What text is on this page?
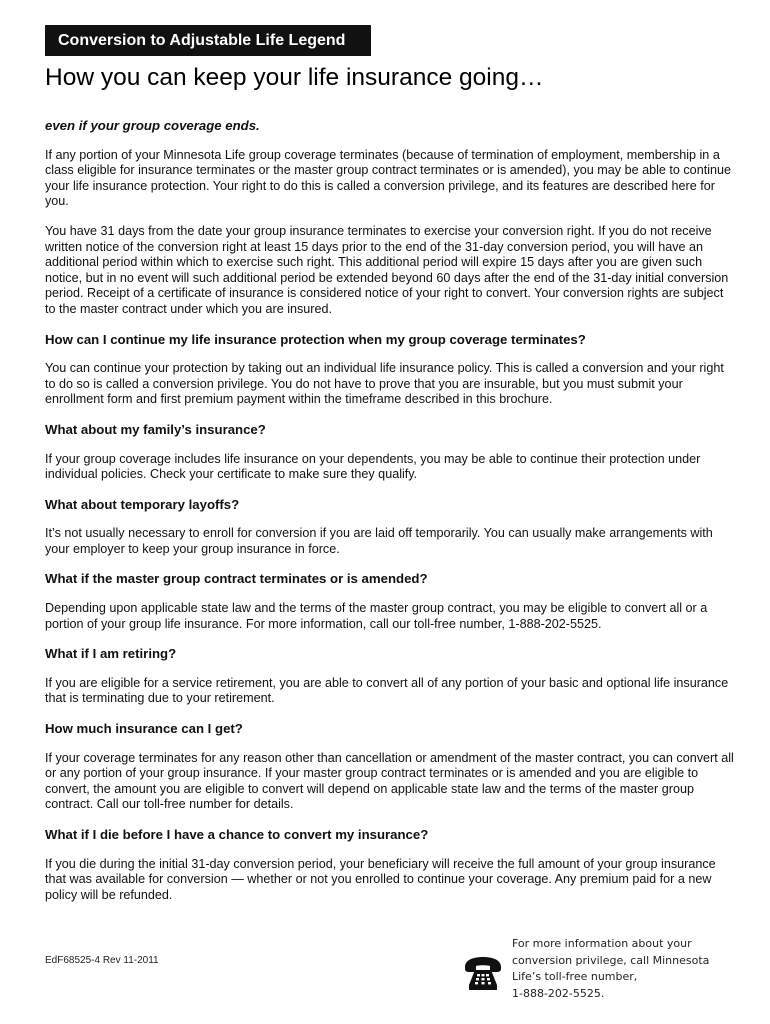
Conversion to Adjustable Life Legend
How you can keep your life insurance going…
even if your group coverage ends.

If any portion of your Minnesota Life group coverage terminates (because of termination of employment, membership in a class eligible for insurance terminates or the master group contract terminates or is amended), you may be able to continue your life insurance protection. Your right to do this is called a conversion privilege, and its features are described here for you.

You have 31 days from the date your group insurance terminates to exercise your conversion right. If you do not receive written notice of the conversion right at least 15 days prior to the end of the 31-day conversion period, you will have an additional period within which to exercise such right. This additional period will expire 15 days after you are given such notice, but in no event will such additional period be extended beyond 60 days after the end of the 31-day initial conversion period. Receipt of a certificate of insurance is considered notice of your right to convert. Your conversion rights are subject to the master contract under which you are insured.

How can I continue my life insurance protection when my group coverage terminates?

You can continue your protection by taking out an individual life insurance policy. This is called a conversion and your right to do so is called a conversion privilege. You do not have to prove that you are insurable, but you must submit your enrollment form and first premium payment within the timeframe described in this brochure.

What about my family’s insurance?

If your group coverage includes life insurance on your dependents, you may be able to continue their protection under individual policies. Check your certificate to make sure they qualify.

What about temporary layoffs?

It’s not usually necessary to enroll for conversion if you are laid off temporarily. You can usually make arrangements with your employer to keep your group insurance in force.

What if the master group contract terminates or is amended?

Depending upon applicable state law and the terms of the master group contract, you may be eligible to convert all or a portion of your group life insurance. For more information, call our toll-free number, 1-888-202-5525.

What if I am retiring?

If you are eligible for a service retirement, you are able to convert all of any portion of your basic and optional life insurance that is terminating due to your retirement.

How much insurance can I get?

If your coverage terminates for any reason other than cancellation or amendment of the master contract, you can convert all or any portion of your group insurance. If your master group contract terminates or is amended and you are eligible to convert, the amount you are eligible to convert will depend on applicable state law and the terms of the master group contract. Call our toll-free number for details.

What if I die before I have a chance to convert my insurance?

If you die during the initial 31-day conversion period, your beneficiary will receive the full amount of your group insurance that was available for conversion — whether or not you enrolled to continue your coverage. Any premium paid for a new policy will be refunded.

EdF68525-4 Rev 11-2011
For more information about your
conversion privilege, call Minnesota
Life’s toll-free number,
1-888-202-5525.
